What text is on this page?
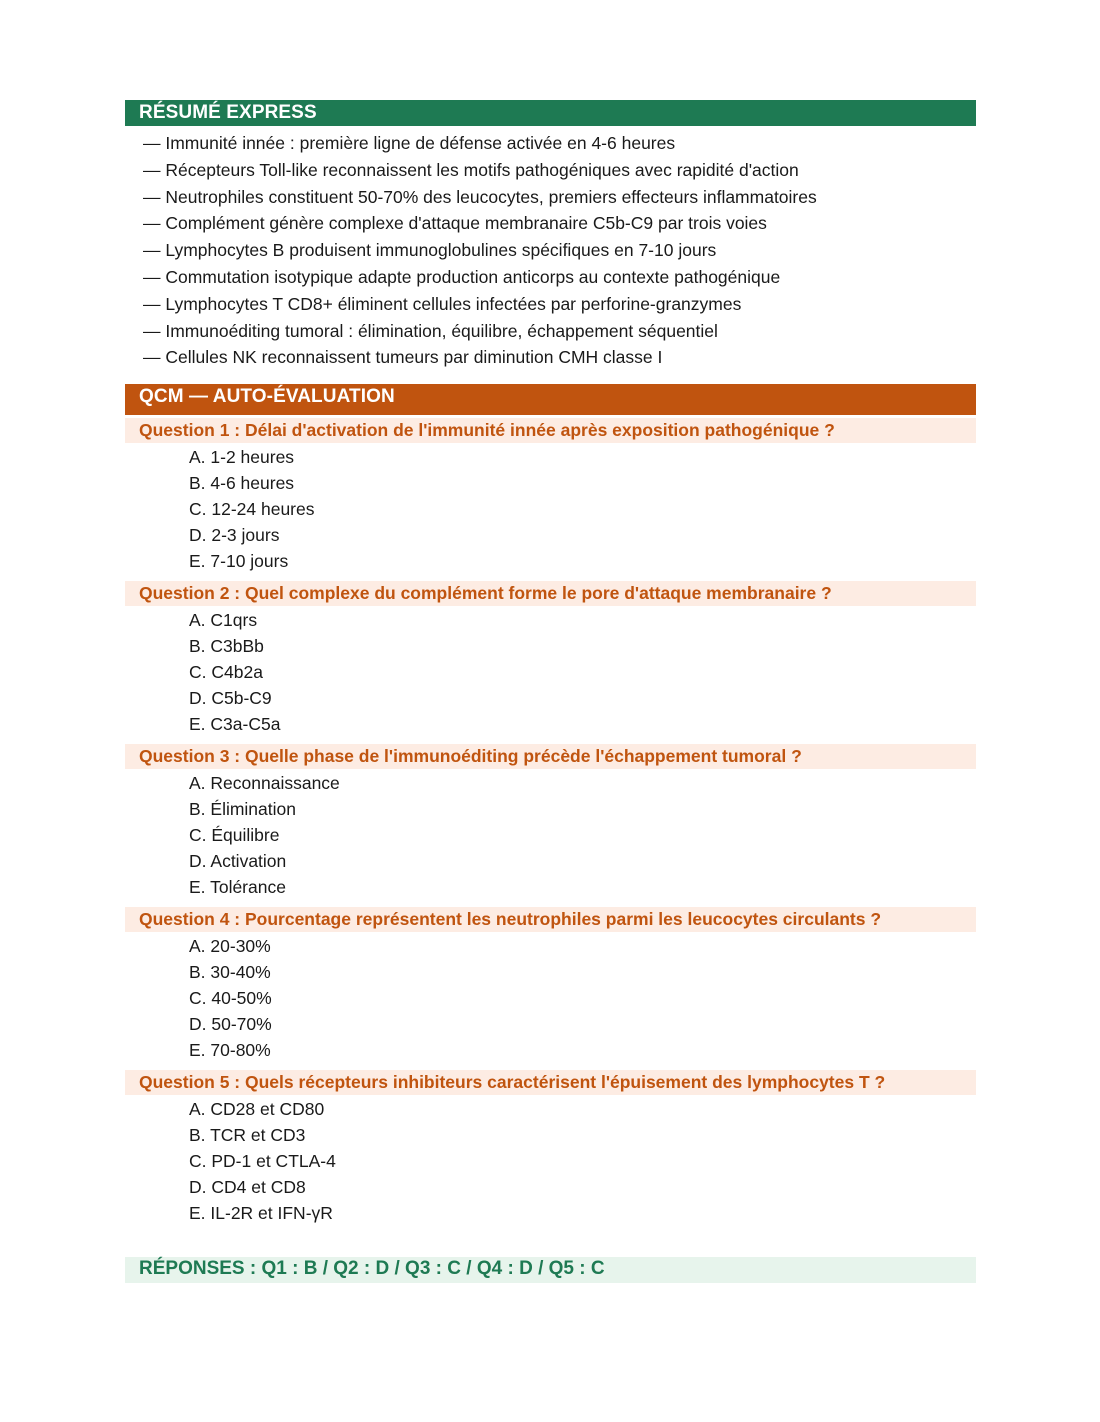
RÉSUMÉ EXPRESS
— Immunité innée : première ligne de défense activée en 4-6 heures
— Récepteurs Toll-like reconnaissent les motifs pathogéniques avec rapidité d'action
— Neutrophiles constituent 50-70% des leucocytes, premiers effecteurs inflammatoires
— Complément génère complexe d'attaque membranaire C5b-C9 par trois voies
— Lymphocytes B produisent immunoglobulines spécifiques en 7-10 jours
— Commutation isotypique adapte production anticorps au contexte pathogénique
— Lymphocytes T CD8+ éliminent cellules infectées par perforine-granzymes
— Immunoéditing tumoral : élimination, équilibre, échappement séquentiel
— Cellules NK reconnaissent tumeurs par diminution CMH classe I
QCM — AUTO-ÉVALUATION
Question 1 : Délai d'activation de l'immunité innée après exposition pathogénique ?
A. 1-2 heures
B. 4-6 heures
C. 12-24 heures
D. 2-3 jours
E. 7-10 jours
Question 2 : Quel complexe du complément forme le pore d'attaque membranaire ?
A. C1qrs
B. C3bBb
C. C4b2a
D. C5b-C9
E. C3a-C5a
Question 3 : Quelle phase de l'immunoéditing précède l'échappement tumoral ?
A. Reconnaissance
B. Élimination
C. Équilibre
D. Activation
E. Tolérance
Question 4 : Pourcentage représentent les neutrophiles parmi les leucocytes circulants ?
A. 20-30%
B. 30-40%
C. 40-50%
D. 50-70%
E. 70-80%
Question 5 : Quels récepteurs inhibiteurs caractérisent l'épuisement des lymphocytes T ?
A. CD28 et CD80
B. TCR et CD3
C. PD-1 et CTLA-4
D. CD4 et CD8
E. IL-2R et IFN-γR
RÉPONSES : Q1 : B / Q2 : D / Q3 : C / Q4 : D / Q5 : C
